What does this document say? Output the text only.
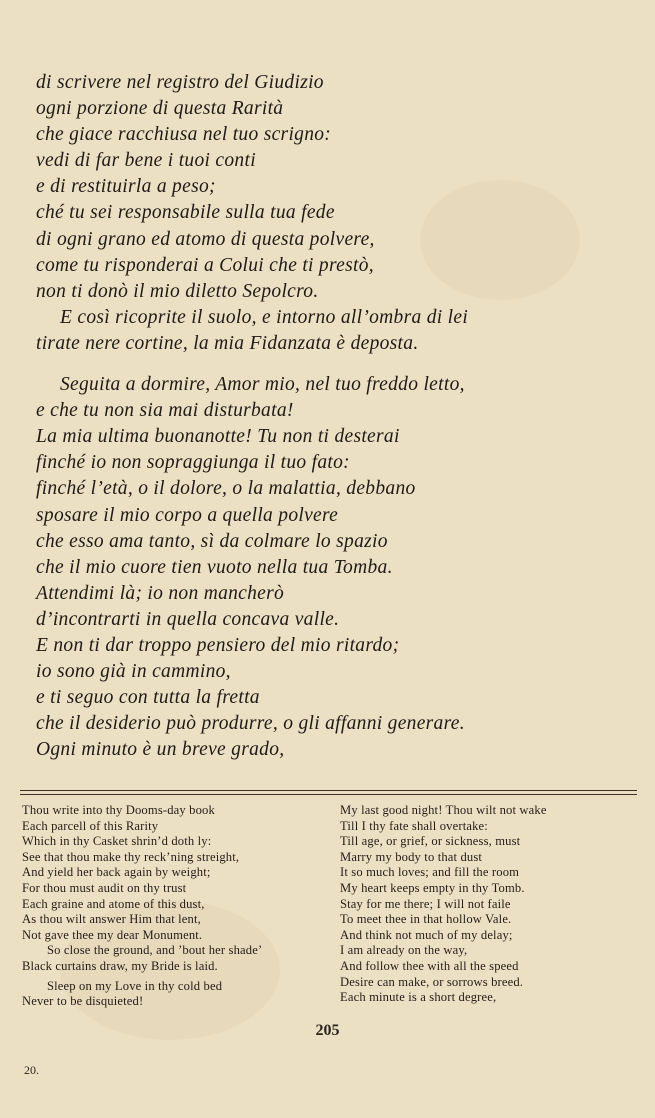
di scrivere nel registro del Giudizio
ogni porzione di questa Rarità
che giace racchiusa nel tuo scrigno:
vedi di far bene i tuoi conti
e di restituirla a peso;
ché tu sei responsabile sulla tua fede
di ogni grano ed atomo di questa polvere,
come tu risponderai a Colui che ti prestò,
non ti donò il mio diletto Sepolcro.
E così ricoprite il suolo, e intorno all’ombra di lei
tirate nere cortine, la mia Fidanzata è deposta.
Seguita a dormire, Amor mio, nel tuo freddo letto,
e che tu non sia mai disturbata!
La mia ultima buonanotte! Tu non ti desterai
finché io non sopraggiunga il tuo fato:
finché l’età, o il dolore, o la malattia, debbano
sposare il mio corpo a quella polvere
che esso ama tanto, sì da colmare lo spazio
che il mio cuore tien vuoto nella tua Tomba.
Attendimi là; io non mancherò
d’incontrarti in quella concava valle.
E non ti dar troppo pensiero del mio ritardo;
io sono già in cammino,
e ti seguo con tutta la fretta
che il desiderio può produrre, o gli affanni generare.
Ogni minuto è un breve grado,
Thou write into thy Dooms-day book
Each parcell of this Rarity
Which in thy Casket shrin’d doth ly:
See that thou make thy reck’ning streight,
And yield her back again by weight;
For thou must audit on thy trust
Each graine and atome of this dust,
As thou wilt answer Him that lent,
Not gave thee my dear Monument.
So close the ground, and ’bout her shade’
Black curtains draw, my Bride is laid.
Sleep on my Love in thy cold bed
Never to be disquieted!
My last good night! Thou wilt not wake
Till I thy fate shall overtake:
Till age, or grief, or sickness, must
Marry my body to that dust
It so much loves; and fill the room
My heart keeps empty in thy Tomb.
Stay for me there; I will not faile
To meet thee in that hollow Vale.
And think not much of my delay;
I am already on the way,
And follow thee with all the speed
Desire can make, or sorrows breed.
Each minute is a short degree,
205
20.
